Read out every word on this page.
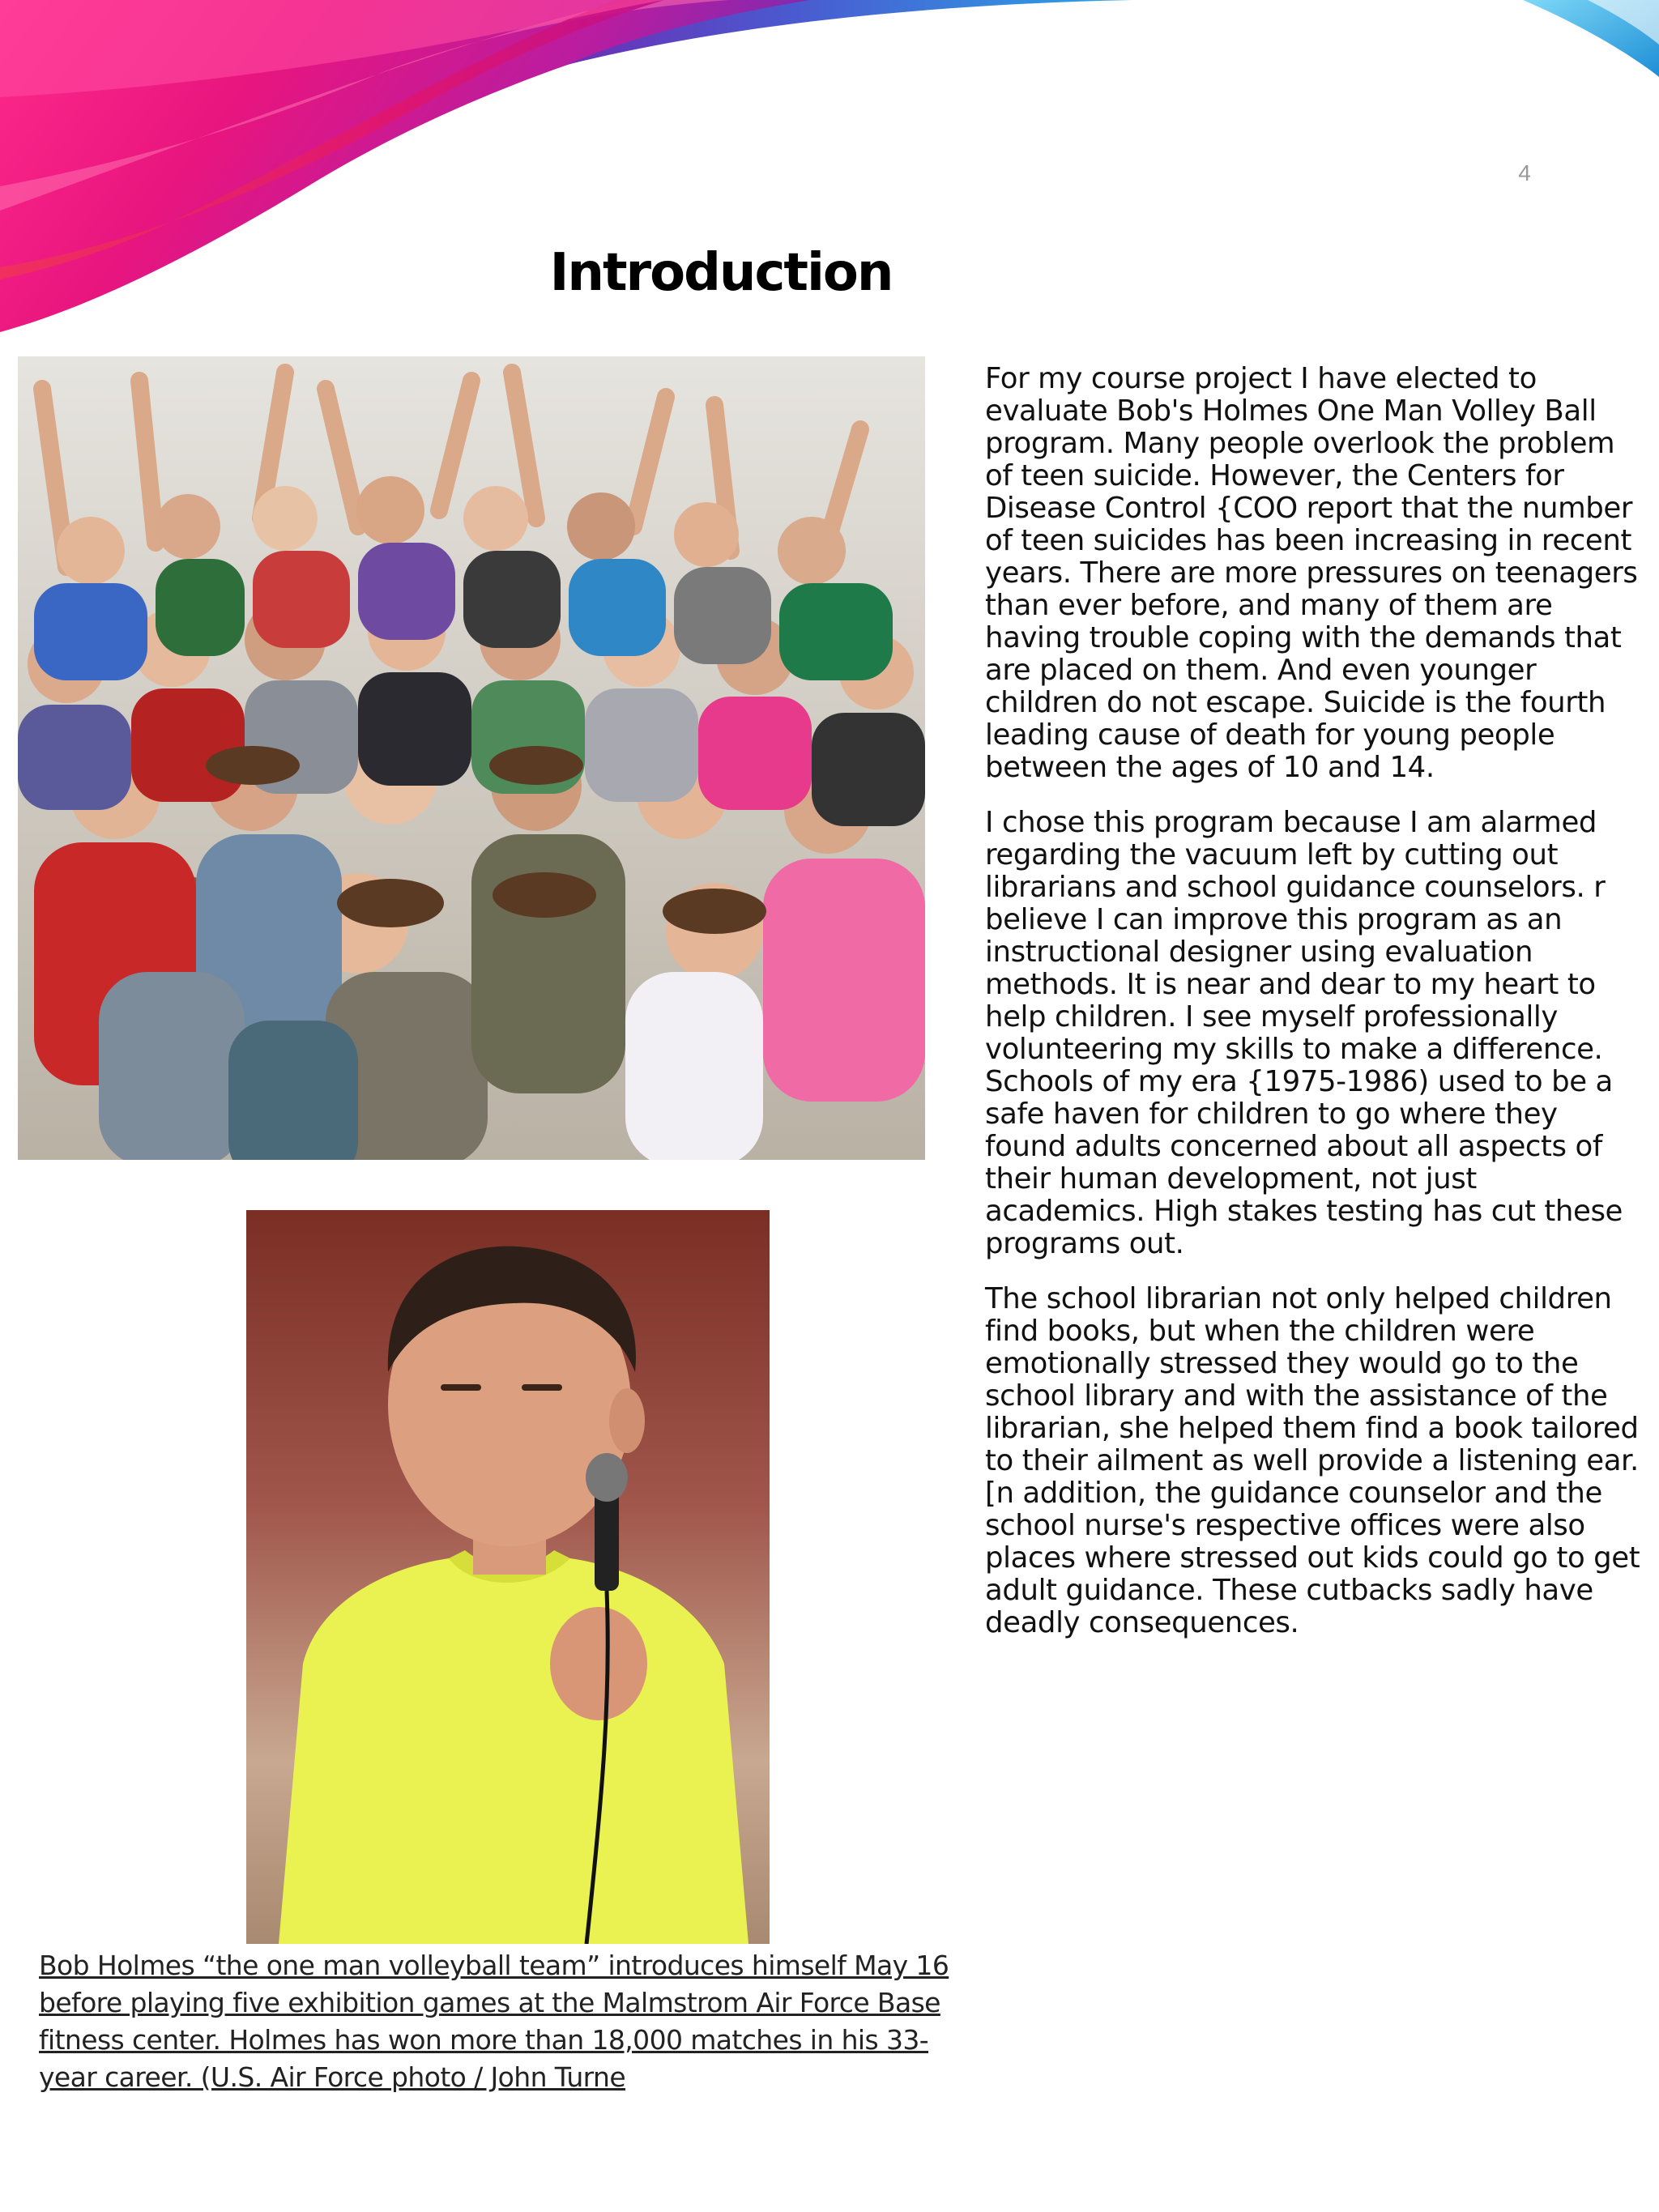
4
Introduction

For my course project I have elected to evaluate Bob's Holmes One Man Volley Ball program. Many people overlook the problem of teen suicide. However, the Centers for Disease Control {COO report that the number of teen suicides has been increasing in recent years. There are more pressures on teenagers than ever before, and many of them are having trouble coping with the demands that are placed on them. And even younger children do not escape. Suicide is the fourth leading cause of death for young people between the ages of 10 and 14.

I chose this program because I am alarmed regarding the vacuum left by cutting out librarians and school guidance counselors. r believe I can improve this program as an instructional designer using evaluation methods. It is near and dear to my heart to help children. I see myself professionally volunteering my skills to make a difference. Schools of my era {1975-1986) used to be a safe haven for children to go where they found adults concerned about all aspects of their human development, not just academics. High stakes testing has cut these programs out.

The school librarian not only helped children find books, but when the children were emotionally stressed they would go to the school library and with the assistance of the librarian, she helped them find a book tailored to their ailment as well provide a listening ear. [n addition, the guidance counselor and the school nurse's respective offices were also places where stressed out kids could go to get adult guidance. These cutbacks sadly have deadly consequences.

Bob Holmes “the one man volleyball team” introduces himself May 16 before playing five exhibition games at the Malmstrom Air Force Base fitness center. Holmes has won more than 18,000 matches in his 33-year career. (U.S. Air Force photo / John Turne
